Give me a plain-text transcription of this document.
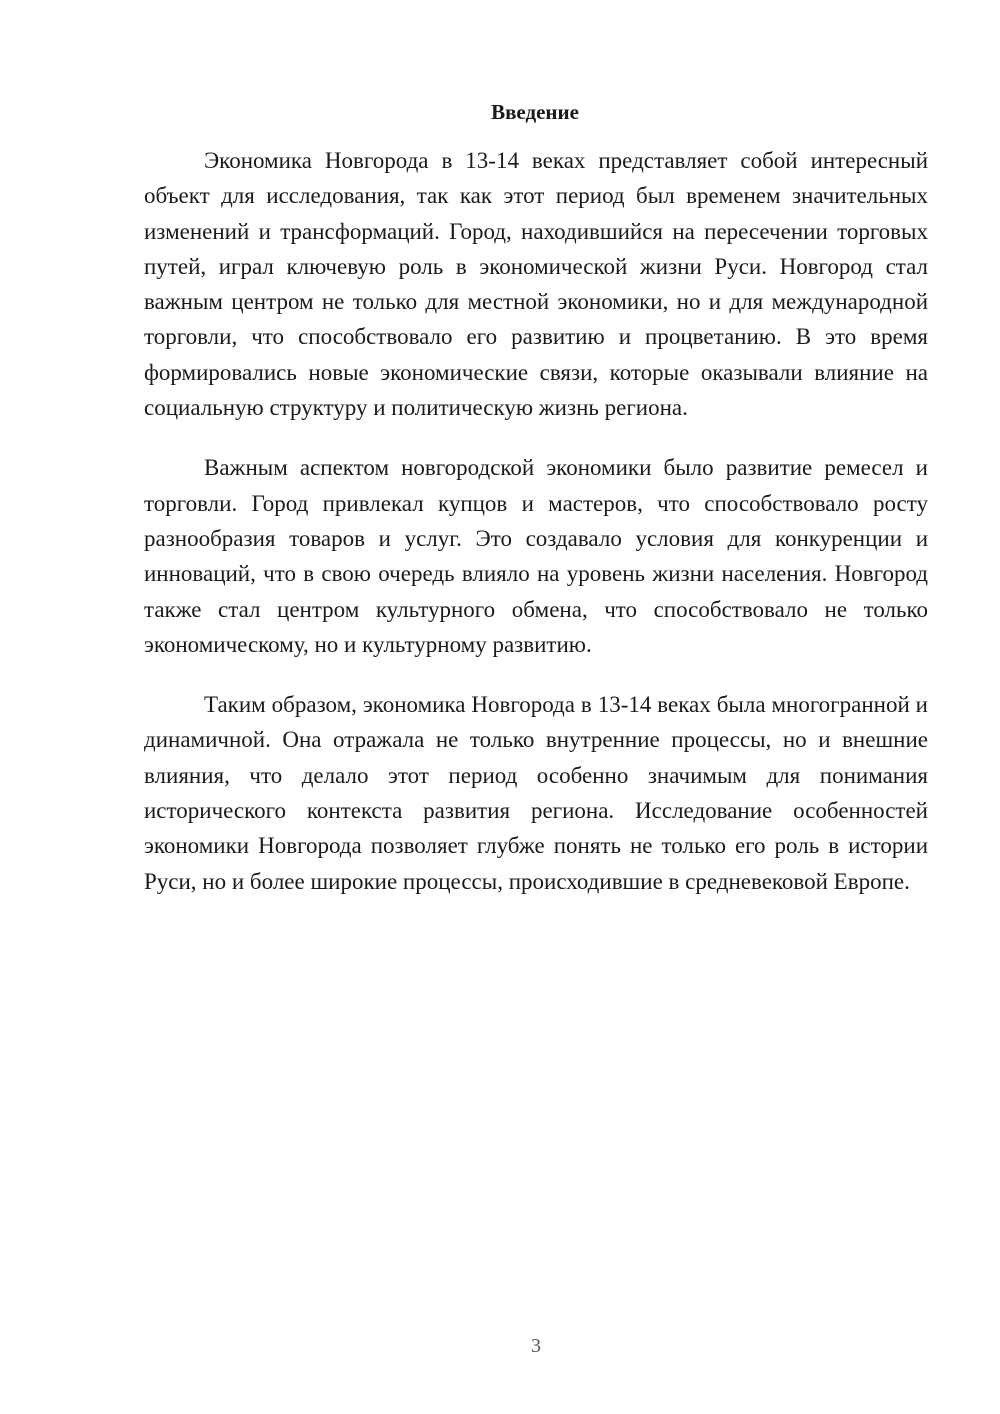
Введение

Экономика Новгорода в 13-14 веках представляет собой интересный объект для исследования, так как этот период был временем значительных изменений и трансформаций. Город, находившийся на пересечении торговых путей, играл ключевую роль в экономической жизни Руси. Новгород стал важным центром не только для местной экономики, но и для международной торговли, что способствовало его развитию и процветанию. В это время формировались новые экономические связи, которые оказывали влияние на социальную структуру и политическую жизнь региона.

Важным аспектом новгородской экономики было развитие ремесел и торговли. Город привлекал купцов и мастеров, что способствовало росту разнообразия товаров и услуг. Это создавало условия для конкуренции и инноваций, что в свою очередь влияло на уровень жизни населения. Новгород также стал центром культурного обмена, что способствовало не только экономическому, но и культурному развитию.

Таким образом, экономика Новгорода в 13-14 веках была многогранной и динамичной. Она отражала не только внутренние процессы, но и внешние влияния, что делало этот период особенно значимым для понимания исторического контекста развития региона. Исследование особенностей экономики Новгорода позволяет глубже понять не только его роль в истории Руси, но и более широкие процессы, происходившие в средневековой Европе.

3
